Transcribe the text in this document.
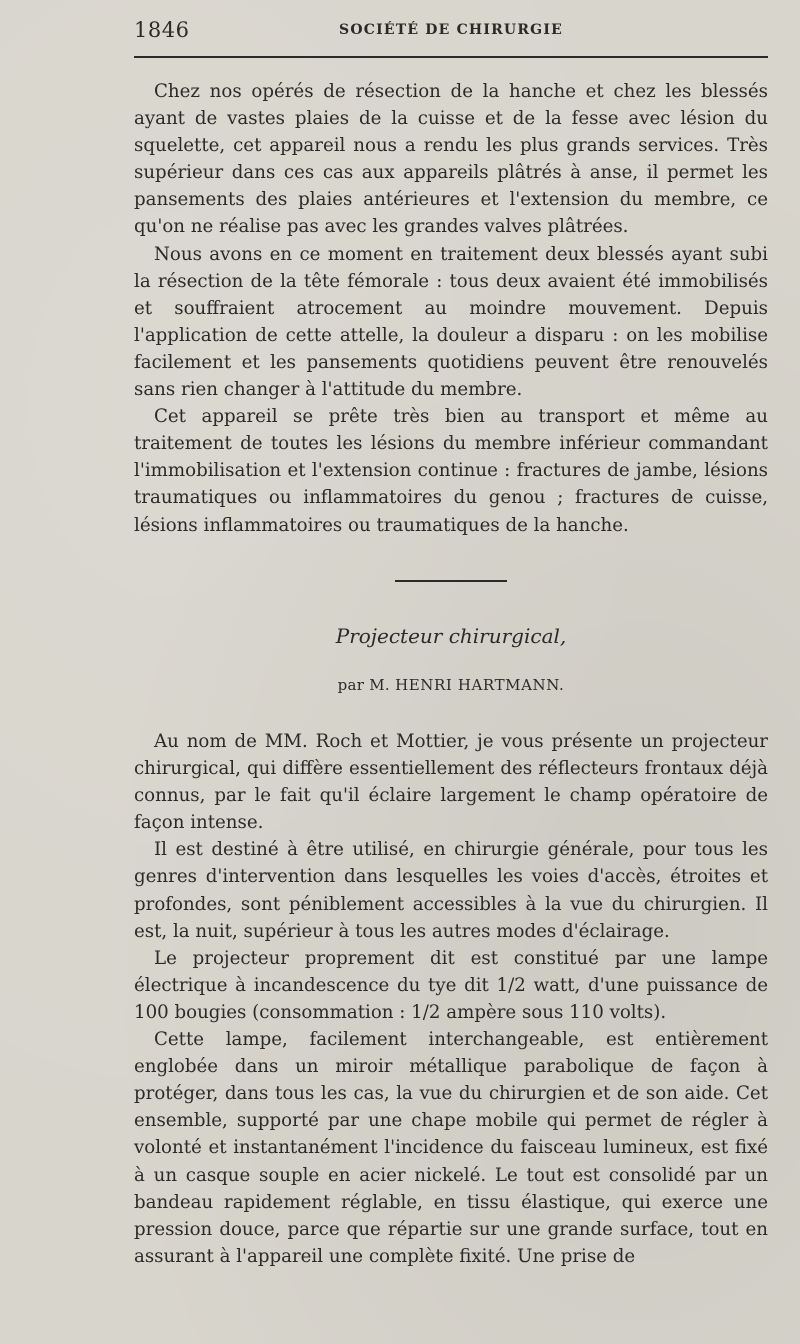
1846	SOCIÉTÉ DE CHIRURGIE

Chez nos opérés de résection de la hanche et chez les blessés ayant de vastes plaies de la cuisse et de la fesse avec lésion du squelette, cet appareil nous a rendu les plus grands services. Très supérieur dans ces cas aux appareils plâtrés à anse, il permet les pansements des plaies antérieures et l'extension du membre, ce qu'on ne réalise pas avec les grandes valves plâtrées.

Nous avons en ce moment en traitement deux blessés ayant subi la résection de la tête fémorale : tous deux avaient été immobilisés et souffraient atrocement au moindre mouvement. Depuis l'application de cette attelle, la douleur a disparu : on les mobilise facilement et les pansements quotidiens peuvent être renouvelés sans rien changer à l'attitude du membre.

Cet appareil se prête très bien au transport et même au traitement de toutes les lésions du membre inférieur commandant l'immobilisation et l'extension continue : fractures de jambe, lésions traumatiques ou inflammatoires du genou ; fractures de cuisse, lésions inflammatoires ou traumatiques de la hanche.

Projecteur chirurgical,
par M. HENRI HARTMANN.

Au nom de MM. Roch et Mottier, je vous présente un projecteur chirurgical, qui diffère essentiellement des réflecteurs frontaux déjà connus, par le fait qu'il éclaire largement le champ opératoire de façon intense.

Il est destiné à être utilisé, en chirurgie générale, pour tous les genres d'intervention dans lesquelles les voies d'accès, étroites et profondes, sont péniblement accessibles à la vue du chirurgien. Il est, la nuit, supérieur à tous les autres modes d'éclairage.

Le projecteur proprement dit est constitué par une lampe électrique à incandescence du tye dit 1/2 watt, d'une puissance de 100 bougies (consommation : 1/2 ampère sous 110 volts).

Cette lampe, facilement interchangeable, est entièrement englobée dans un miroir métallique parabolique de façon à protéger, dans tous les cas, la vue du chirurgien et de son aide. Cet ensemble, supporté par une chape mobile qui permet de régler à volonté et instantanément l'incidence du faisceau lumineux, est fixé à un casque souple en acier nickelé. Le tout est consolidé par un bandeau rapidement réglable, en tissu élastique, qui exerce une pression douce, parce que répartie sur une grande surface, tout en assurant à l'appareil une complète fixité. Une prise de
